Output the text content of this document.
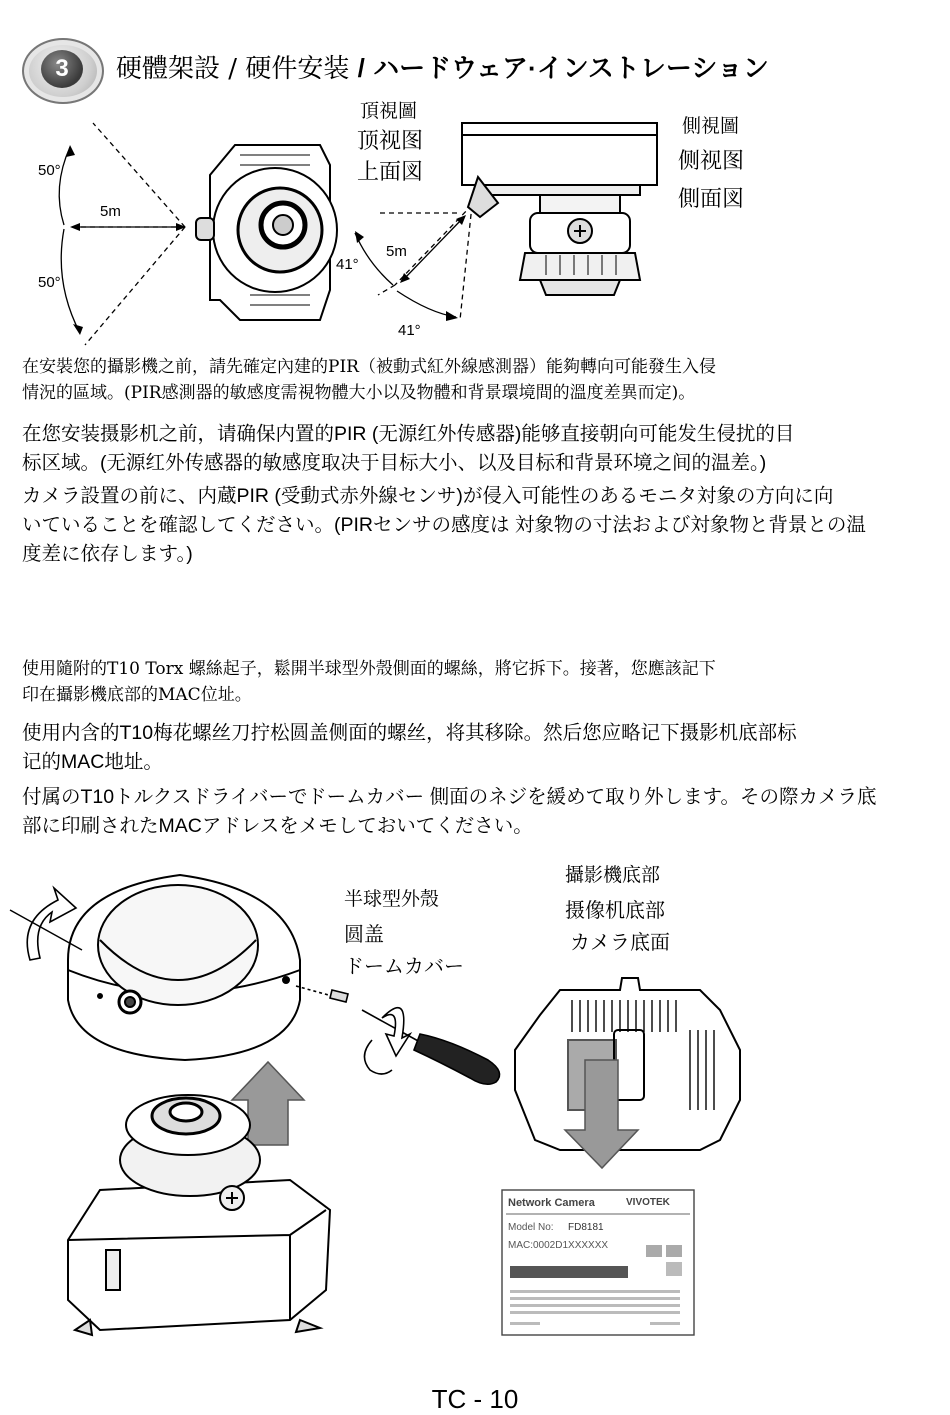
3	硬體架設 / 硬件安装 / ハードウェア·インストレーション
50°
50°
5m
41°
5m
41°
頂視圖
顶视图
上面図
側視圖
侧视图
側面図
在安裝您的攝影機之前，請先確定內建的PIR（被動式紅外線感測器）能夠轉向可能發生入侵
情況的區域。(PIR感測器的敏感度需視物體大小以及物體和背景環境間的溫度差異而定)。
在您安装摄影机之前，请确保内置的PIR (无源红外传感器)能够直接朝向可能发生侵扰的目
标区域。(无源红外传感器的敏感度取决于目标大小、以及目标和背景环境之间的温差。)
カメラ設置の前に、内蔵PIR (受動式赤外線センサ)が侵入可能性のあるモニタ対象の方向に向
いていることを確認してください。(PIRセンサの感度は 対象物の寸法および対象物と背景との温
度差に依存します。)
使用隨附的T10 Torx 螺絲起子，鬆開半球型外殼側面的螺絲，將它拆下。接著，您應該記下
印在攝影機底部的MAC位址。
使用内含的T10梅花螺丝刀拧松圆盖侧面的螺丝，将其移除。然后您应略记下摄影机底部标
记的MAC地址。
付属のT10トルクスドライバーでドームカバー 側面のネジを緩めて取り外します。その際カメラ底
部に印刷されたMACアドレスをメモしておいてください。
Network Camera	VIVOTEK
Model No: FD8181
MAC:0002D1XXXXXX
半球型外殼
圆盖
ドームカバー
攝影機底部
摄像机底部
カメラ底面
TC - 10
